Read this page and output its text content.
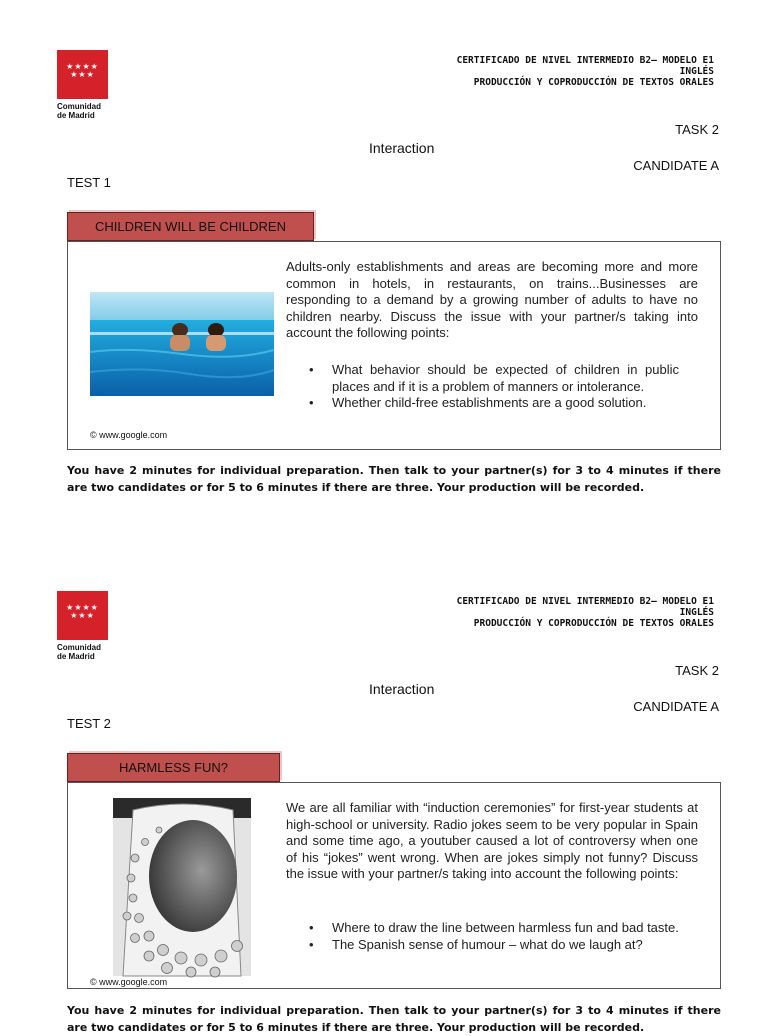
★★★★
★★★
Comunidad
de Madrid
CERTIFICADO DE NIVEL INTERMEDIO B2– MODELO E1
INGLÉS
PRODUCCIÓN Y COPRODUCCIÓN DE TEXTOS ORALES
TASK 2
Interaction
CANDIDATE A
TEST 1
CHILDREN WILL BE CHILDREN
© www.google.com

Adults-only establishments and areas are becoming more and more common in hotels, in restaurants, on trains...Businesses are responding to a demand by a growing number of adults to have no children nearby. Discuss the issue with your partner/s taking into account the following points:

• What behavior should be expected of children in public places and if it is a problem of manners or intolerance.
• Whether child-free establishments are a good solution.

You have 2 minutes for individual preparation. Then talk to your partner(s) for 3 to 4 minutes if there are two candidates or for 5 to 6 minutes if there are three. Your production will be recorded.

★★★★
★★★
Comunidad
de Madrid
CERTIFICADO DE NIVEL INTERMEDIO B2– MODELO E1
INGLÉS
PRODUCCIÓN Y COPRODUCCIÓN DE TEXTOS ORALES
TASK 2
Interaction
CANDIDATE A
TEST 2
HARMLESS FUN?
© www.google.com

We are all familiar with “induction ceremonies” for first-year students at high-school or university. Radio jokes seem to be very popular in Spain and some time ago, a youtuber caused a lot of controversy when one of his “jokes” went wrong. When are jokes simply not funny? Discuss the issue with your partner/s taking into account the following points:

• Where to draw the line between harmless fun and bad taste.
• The Spanish sense of humour – what do we laugh at?

You have 2 minutes for individual preparation. Then talk to your partner(s) for 3 to 4 minutes if there are two candidates or for 5 to 6 minutes if there are three. Your production will be recorded.
